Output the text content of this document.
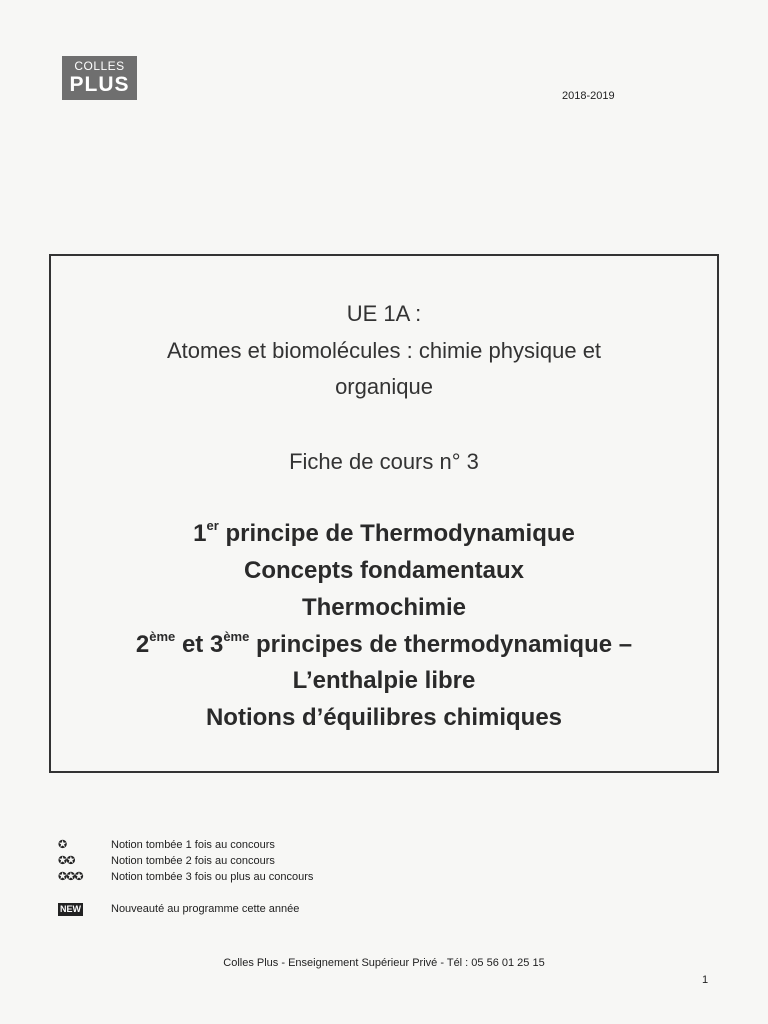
COLLES
PLUS	2018-2019
UE 1A :
Atomes et biomolécules : chimie physique et
organique
Fiche de cours n° 3
1er principe de Thermodynamique
Concepts fondamentaux
Thermochimie
2ème et 3ème principes de thermodynamique –
L’enthalpie libre
Notions d’équilibres chimiques
✪	Notion tombée 1 fois au concours
✪✪	Notion tombée 2 fois au concours
✪✪✪	Notion tombée 3 fois ou plus au concours
NEW	Nouveauté au programme cette année
Colles Plus - Enseignement Supérieur Privé - Tél : 05 56 01 25 15
1
